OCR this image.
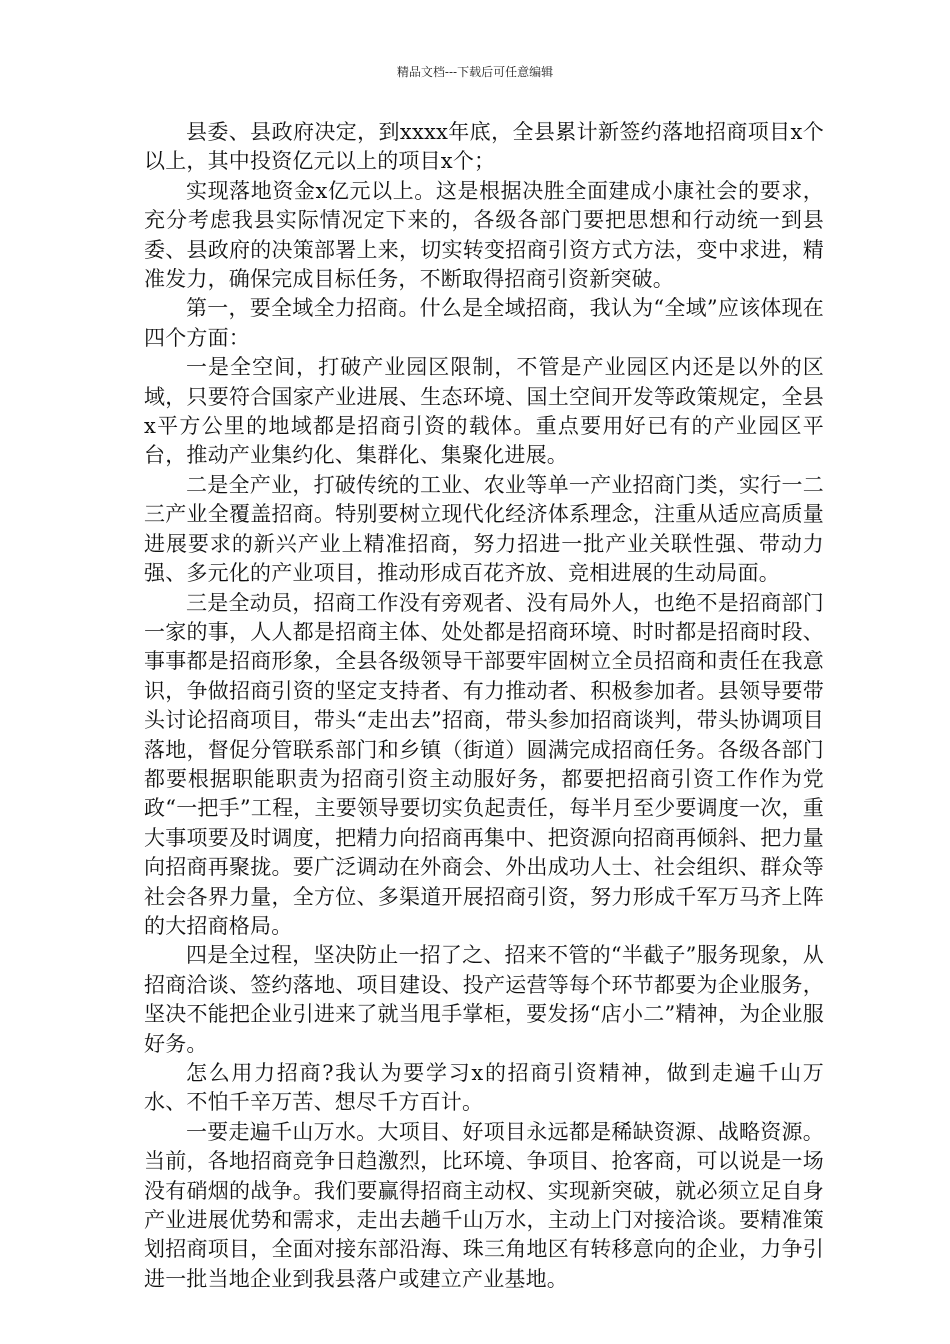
精品文档---下载后可任意编辑

县委、县政府决定，到xxxx年底，全县累计新签约落地招商项目x个以上，其中投资亿元以上的项目x个；

实现落地资金x亿元以上。这是根据决胜全面建成小康社会的要求，充分考虑我县实际情况定下来的，各级各部门要把思想和行动统一到县委、县政府的决策部署上来，切实转变招商引资方式方法，变中求进，精准发力，确保完成目标任务，不断取得招商引资新突破。

第一，要全域全力招商。什么是全域招商，我认为“全域”应该体现在四个方面：

一是全空间，打破产业园区限制，不管是产业园区内还是以外的区域，只要符合国家产业进展、生态环境、国土空间开发等政策规定，全县x平方公里的地域都是招商引资的载体。重点要用好已有的产业园区平台，推动产业集约化、集群化、集聚化进展。

二是全产业，打破传统的工业、农业等单一产业招商门类，实行一二三产业全覆盖招商。特别要树立现代化经济体系理念，注重从适应高质量进展要求的新兴产业上精准招商，努力招进一批产业关联性强、带动力强、多元化的产业项目，推动形成百花齐放、竞相进展的生动局面。

三是全动员，招商工作没有旁观者、没有局外人，也绝不是招商部门一家的事，人人都是招商主体、处处都是招商环境、时时都是招商时段、事事都是招商形象，全县各级领导干部要牢固树立全员招商和责任在我意识，争做招商引资的坚定支持者、有力推动者、积极参加者。县领导要带头讨论招商项目，带头“走出去”招商，带头参加招商谈判，带头协调项目落地，督促分管联系部门和乡镇（街道）圆满完成招商任务。各级各部门都要根据职能职责为招商引资主动服好务，都要把招商引资工作作为党政“一把手”工程，主要领导要切实负起责任，每半月至少要调度一次，重大事项要及时调度，把精力向招商再集中、把资源向招商再倾斜、把力量向招商再聚拢。要广泛调动在外商会、外出成功人士、社会组织、群众等社会各界力量，全方位、多渠道开展招商引资，努力形成千军万马齐上阵的大招商格局。

四是全过程，坚决防止一招了之、招来不管的“半截子”服务现象，从招商洽谈、签约落地、项目建设、投产运营等每个环节都要为企业服务，坚决不能把企业引进来了就当甩手掌柜，要发扬“店小二”精神，为企业服好务。

怎么用力招商?我认为要学习x的招商引资精神，做到走遍千山万水、不怕千辛万苦、想尽千方百计。

一要走遍千山万水。大项目、好项目永远都是稀缺资源、战略资源。当前，各地招商竞争日趋激烈，比环境、争项目、抢客商，可以说是一场没有硝烟的战争。我们要赢得招商主动权、实现新突破，就必须立足自身产业进展优势和需求，走出去趟千山万水，主动上门对接洽谈。要精准策划招商项目，全面对接东部沿海、珠三角地区有转移意向的企业，力争引进一批当地企业到我县落户或建立产业基地。
